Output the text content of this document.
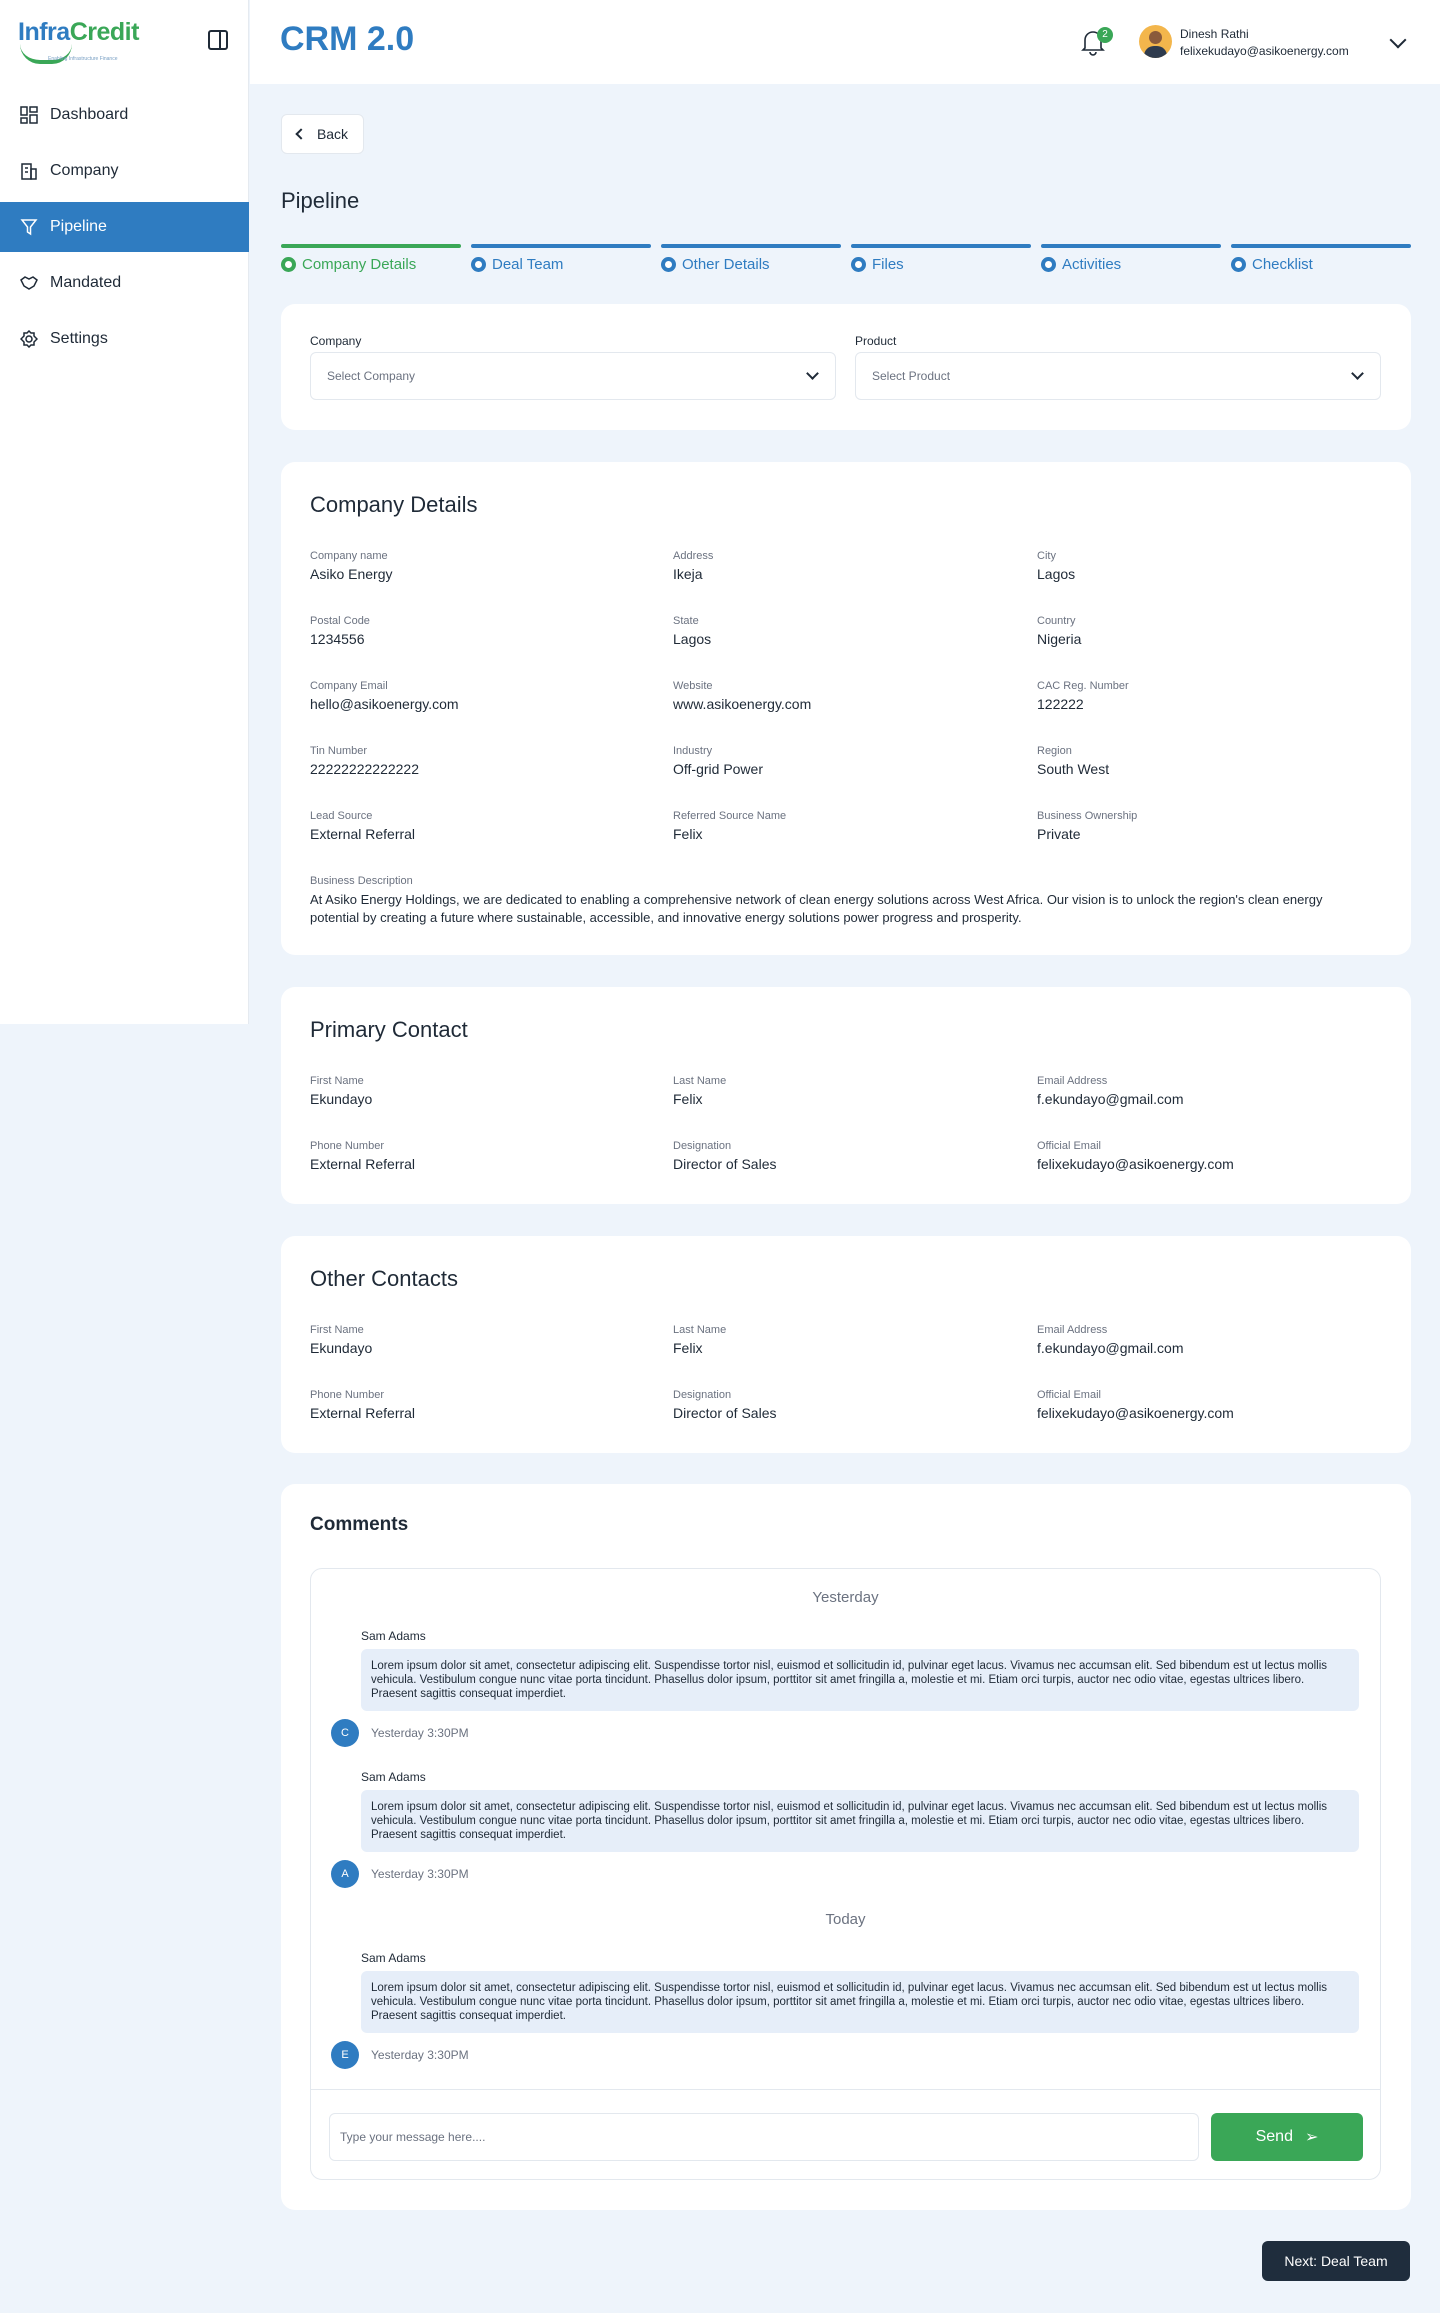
InfraCredit
Enabling Infrastructure Finance
Dashboard
Company
Pipeline
Mandated
Settings
CRM 2.0	2	Dinesh Rathi
felixekudayo@asikoenergy.com
Back
Pipeline
Company Details	Deal Team	Other Details	Files	Activities	Checklist
Company
Select Company
Product
Select Product
Company Details
Company name
Asiko Energy
Address
Ikeja
City
Lagos
Postal Code
1234556
State
Lagos
Country
Nigeria
Company Email
hello@asikoenergy.com
Website
www.asikoenergy.com
CAC Reg. Number
122222
Tin Number
22222222222222
Industry
Off-grid Power
Region
South West
Lead Source
External Referral
Referred Source Name
Felix
Business Ownership
Private
Business Description
At Asiko Energy Holdings, we are dedicated to enabling a comprehensive network of clean energy solutions across West Africa. Our vision is to unlock the region's clean energy potential by creating a future where sustainable, accessible, and innovative energy solutions power progress and prosperity.
Primary Contact
First Name
Ekundayo
Last Name
Felix
Email Address
f.ekundayo@gmail.com
Phone Number
External Referral
Designation
Director of Sales
Official Email
felixekudayo@asikoenergy.com
Other Contacts
First Name
Ekundayo
Last Name
Felix
Email Address
f.ekundayo@gmail.com
Phone Number
External Referral
Designation
Director of Sales
Official Email
felixekudayo@asikoenergy.com
Comments
Yesterday
Sam Adams
Lorem ipsum dolor sit amet, consectetur adipiscing elit. Suspendisse tortor nisl, euismod et sollicitudin id, pulvinar eget lacus. Vivamus nec accumsan elit. Sed bibendum est ut lectus mollis vehicula. Vestibulum congue nunc vitae porta tincidunt. Phasellus dolor ipsum, porttitor sit amet fringilla a, molestie et mi. Etiam orci turpis, auctor nec odio vitae, egestas ultrices libero. Praesent sagittis consequat imperdiet.
C	Yesterday 3:30PM
Sam Adams
Lorem ipsum dolor sit amet, consectetur adipiscing elit. Suspendisse tortor nisl, euismod et sollicitudin id, pulvinar eget lacus. Vivamus nec accumsan elit. Sed bibendum est ut lectus mollis vehicula. Vestibulum congue nunc vitae porta tincidunt. Phasellus dolor ipsum, porttitor sit amet fringilla a, molestie et mi. Etiam orci turpis, auctor nec odio vitae, egestas ultrices libero. Praesent sagittis consequat imperdiet.
A	Yesterday 3:30PM
Today
Sam Adams
Lorem ipsum dolor sit amet, consectetur adipiscing elit. Suspendisse tortor nisl, euismod et sollicitudin id, pulvinar eget lacus. Vivamus nec accumsan elit. Sed bibendum est ut lectus mollis vehicula. Vestibulum congue nunc vitae porta tincidunt. Phasellus dolor ipsum, porttitor sit amet fringilla a, molestie et mi. Etiam orci turpis, auctor nec odio vitae, egestas ultrices libero. Praesent sagittis consequat imperdiet.
E	Yesterday 3:30PM
Type your message here....
Send ➢
Next: Deal Team
